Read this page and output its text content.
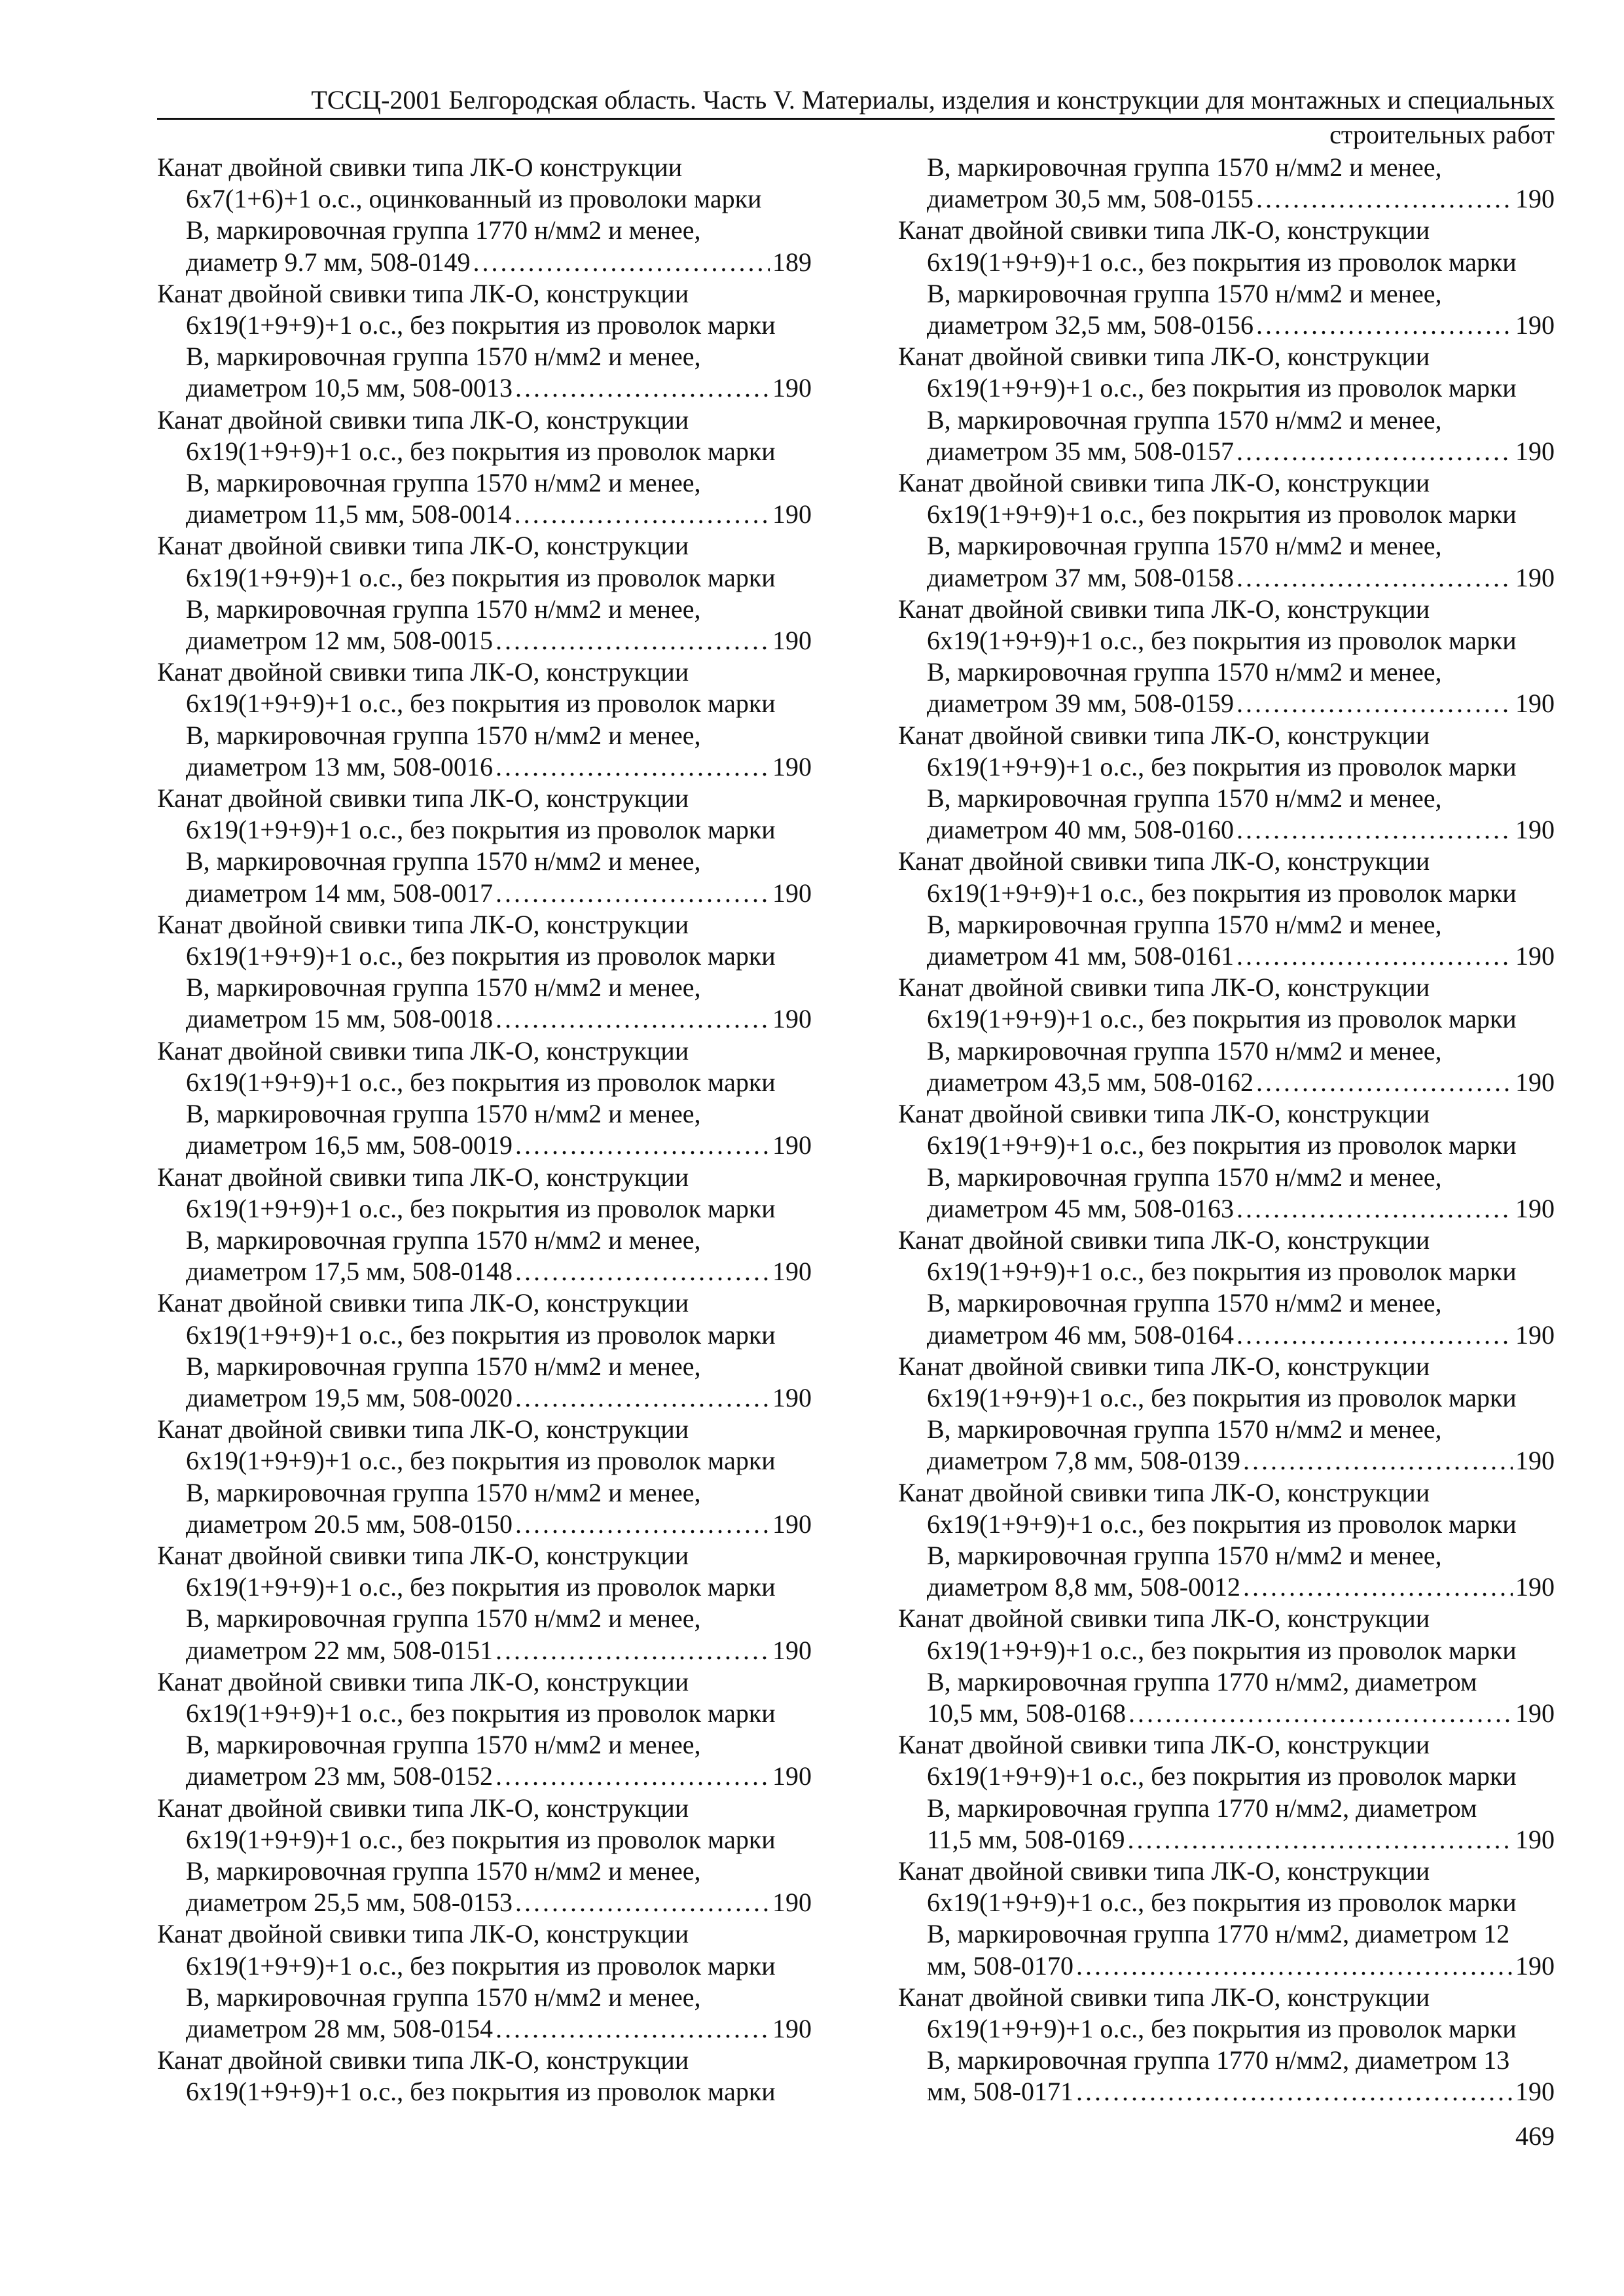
ТССЦ-2001 Белгородская область. Часть V. Материалы, изделия и конструкции для монтажных и специальных
строительных работ
Канат двойной свивки типа ЛК-О конструкции
6х7(1+6)+1 о.с., оцинкованный из проволоки марки
В, маркировочная группа 1770 н/мм2 и менее,
диаметр 9.7 мм, 508-0149 . . .	189
Канат двойной свивки типа ЛК-О, конструкции
6х19(1+9+9)+1 о.с., без покрытия из проволок марки
В, маркировочная группа 1570 н/мм2 и менее,
диаметром 10,5 мм, 508-0013 . . .	190
Канат двойной свивки типа ЛК-О, конструкции
6х19(1+9+9)+1 о.с., без покрытия из проволок марки
В, маркировочная группа 1570 н/мм2 и менее,
диаметром 11,5 мм, 508-0014 . . .	190
Канат двойной свивки типа ЛК-О, конструкции
6х19(1+9+9)+1 о.с., без покрытия из проволок марки
В, маркировочная группа 1570 н/мм2 и менее,
диаметром 12 мм, 508-0015 . . .	190
Канат двойной свивки типа ЛК-О, конструкции
6х19(1+9+9)+1 о.с., без покрытия из проволок марки
В, маркировочная группа 1570 н/мм2 и менее,
диаметром 13 мм, 508-0016 . . .	190
Канат двойной свивки типа ЛК-О, конструкции
6х19(1+9+9)+1 о.с., без покрытия из проволок марки
В, маркировочная группа 1570 н/мм2 и менее,
диаметром 14 мм, 508-0017 . . .	190
Канат двойной свивки типа ЛК-О, конструкции
6х19(1+9+9)+1 о.с., без покрытия из проволок марки
В, маркировочная группа 1570 н/мм2 и менее,
диаметром 15 мм, 508-0018 . . .	190
Канат двойной свивки типа ЛК-О, конструкции
6х19(1+9+9)+1 о.с., без покрытия из проволок марки
В, маркировочная группа 1570 н/мм2 и менее,
диаметром 16,5 мм, 508-0019 . . .	190
Канат двойной свивки типа ЛК-О, конструкции
6х19(1+9+9)+1 о.с., без покрытия из проволок марки
В, маркировочная группа 1570 н/мм2 и менее,
диаметром 17,5 мм, 508-0148 . . .	190
Канат двойной свивки типа ЛК-О, конструкции
6х19(1+9+9)+1 о.с., без покрытия из проволок марки
В, маркировочная группа 1570 н/мм2 и менее,
диаметром 19,5 мм, 508-0020 . . .	190
Канат двойной свивки типа ЛК-О, конструкции
6х19(1+9+9)+1 о.с., без покрытия из проволок марки
В, маркировочная группа 1570 н/мм2 и менее,
диаметром 20.5 мм, 508-0150 . . .	190
Канат двойной свивки типа ЛК-О, конструкции
6х19(1+9+9)+1 о.с., без покрытия из проволок марки
В, маркировочная группа 1570 н/мм2 и менее,
диаметром 22 мм, 508-0151 . . .	190
Канат двойной свивки типа ЛК-О, конструкции
6х19(1+9+9)+1 о.с., без покрытия из проволок марки
В, маркировочная группа 1570 н/мм2 и менее,
диаметром 23 мм, 508-0152 . . .	190
Канат двойной свивки типа ЛК-О, конструкции
6х19(1+9+9)+1 о.с., без покрытия из проволок марки
В, маркировочная группа 1570 н/мм2 и менее,
диаметром 25,5 мм, 508-0153 . . .	190
Канат двойной свивки типа ЛК-О, конструкции
6х19(1+9+9)+1 о.с., без покрытия из проволок марки
В, маркировочная группа 1570 н/мм2 и менее,
диаметром 28 мм, 508-0154 . . .	190
Канат двойной свивки типа ЛК-О, конструкции
6х19(1+9+9)+1 о.с., без покрытия из проволок марки
В, маркировочная группа 1570 н/мм2 и менее,
диаметром 30,5 мм, 508-0155 . . .	190
Канат двойной свивки типа ЛК-О, конструкции
6х19(1+9+9)+1 о.с., без покрытия из проволок марки
В, маркировочная группа 1570 н/мм2 и менее,
диаметром 32,5 мм, 508-0156 . . .	190
Канат двойной свивки типа ЛК-О, конструкции
6х19(1+9+9)+1 о.с., без покрытия из проволок марки
В, маркировочная группа 1570 н/мм2 и менее,
диаметром 35 мм, 508-0157 . . .	190
Канат двойной свивки типа ЛК-О, конструкции
6х19(1+9+9)+1 о.с., без покрытия из проволок марки
В, маркировочная группа 1570 н/мм2 и менее,
диаметром 37 мм, 508-0158 . . .	190
Канат двойной свивки типа ЛК-О, конструкции
6х19(1+9+9)+1 о.с., без покрытия из проволок марки
В, маркировочная группа 1570 н/мм2 и менее,
диаметром 39 мм, 508-0159 . . .	190
Канат двойной свивки типа ЛК-О, конструкции
6х19(1+9+9)+1 о.с., без покрытия из проволок марки
В, маркировочная группа 1570 н/мм2 и менее,
диаметром 40 мм, 508-0160 . . .	190
Канат двойной свивки типа ЛК-О, конструкции
6х19(1+9+9)+1 о.с., без покрытия из проволок марки
В, маркировочная группа 1570 н/мм2 и менее,
диаметром 41 мм, 508-0161 . . .	190
Канат двойной свивки типа ЛК-О, конструкции
6х19(1+9+9)+1 о.с., без покрытия из проволок марки
В, маркировочная группа 1570 н/мм2 и менее,
диаметром 43,5 мм, 508-0162 . . .	190
Канат двойной свивки типа ЛК-О, конструкции
6х19(1+9+9)+1 о.с., без покрытия из проволок марки
В, маркировочная группа 1570 н/мм2 и менее,
диаметром 45 мм, 508-0163 . . .	190
Канат двойной свивки типа ЛК-О, конструкции
6х19(1+9+9)+1 о.с., без покрытия из проволок марки
В, маркировочная группа 1570 н/мм2 и менее,
диаметром 46 мм, 508-0164 . . .	190
Канат двойной свивки типа ЛК-О, конструкции
6х19(1+9+9)+1 о.с., без покрытия из проволок марки
В, маркировочная группа 1570 н/мм2 и менее,
диаметром 7,8 мм, 508-0139 . . .	190
Канат двойной свивки типа ЛК-О, конструкции
6х19(1+9+9)+1 о.с., без покрытия из проволок марки
В, маркировочная группа 1570 н/мм2 и менее,
диаметром 8,8 мм, 508-0012 . . .	190
Канат двойной свивки типа ЛК-О, конструкции
6х19(1+9+9)+1 о.с., без покрытия из проволок марки
В, маркировочная группа 1770 н/мм2, диаметром
10,5 мм, 508-0168 . . .	190
Канат двойной свивки типа ЛК-О, конструкции
6х19(1+9+9)+1 о.с., без покрытия из проволок марки
В, маркировочная группа 1770 н/мм2, диаметром
11,5 мм, 508-0169 . . .	190
Канат двойной свивки типа ЛК-О, конструкции
6х19(1+9+9)+1 о.с., без покрытия из проволок марки
В, маркировочная группа 1770 н/мм2, диаметром 12
мм, 508-0170 . . .	190
Канат двойной свивки типа ЛК-О, конструкции
6х19(1+9+9)+1 о.с., без покрытия из проволок марки
В, маркировочная группа 1770 н/мм2, диаметром 13
мм, 508-0171 . . .	190
469
